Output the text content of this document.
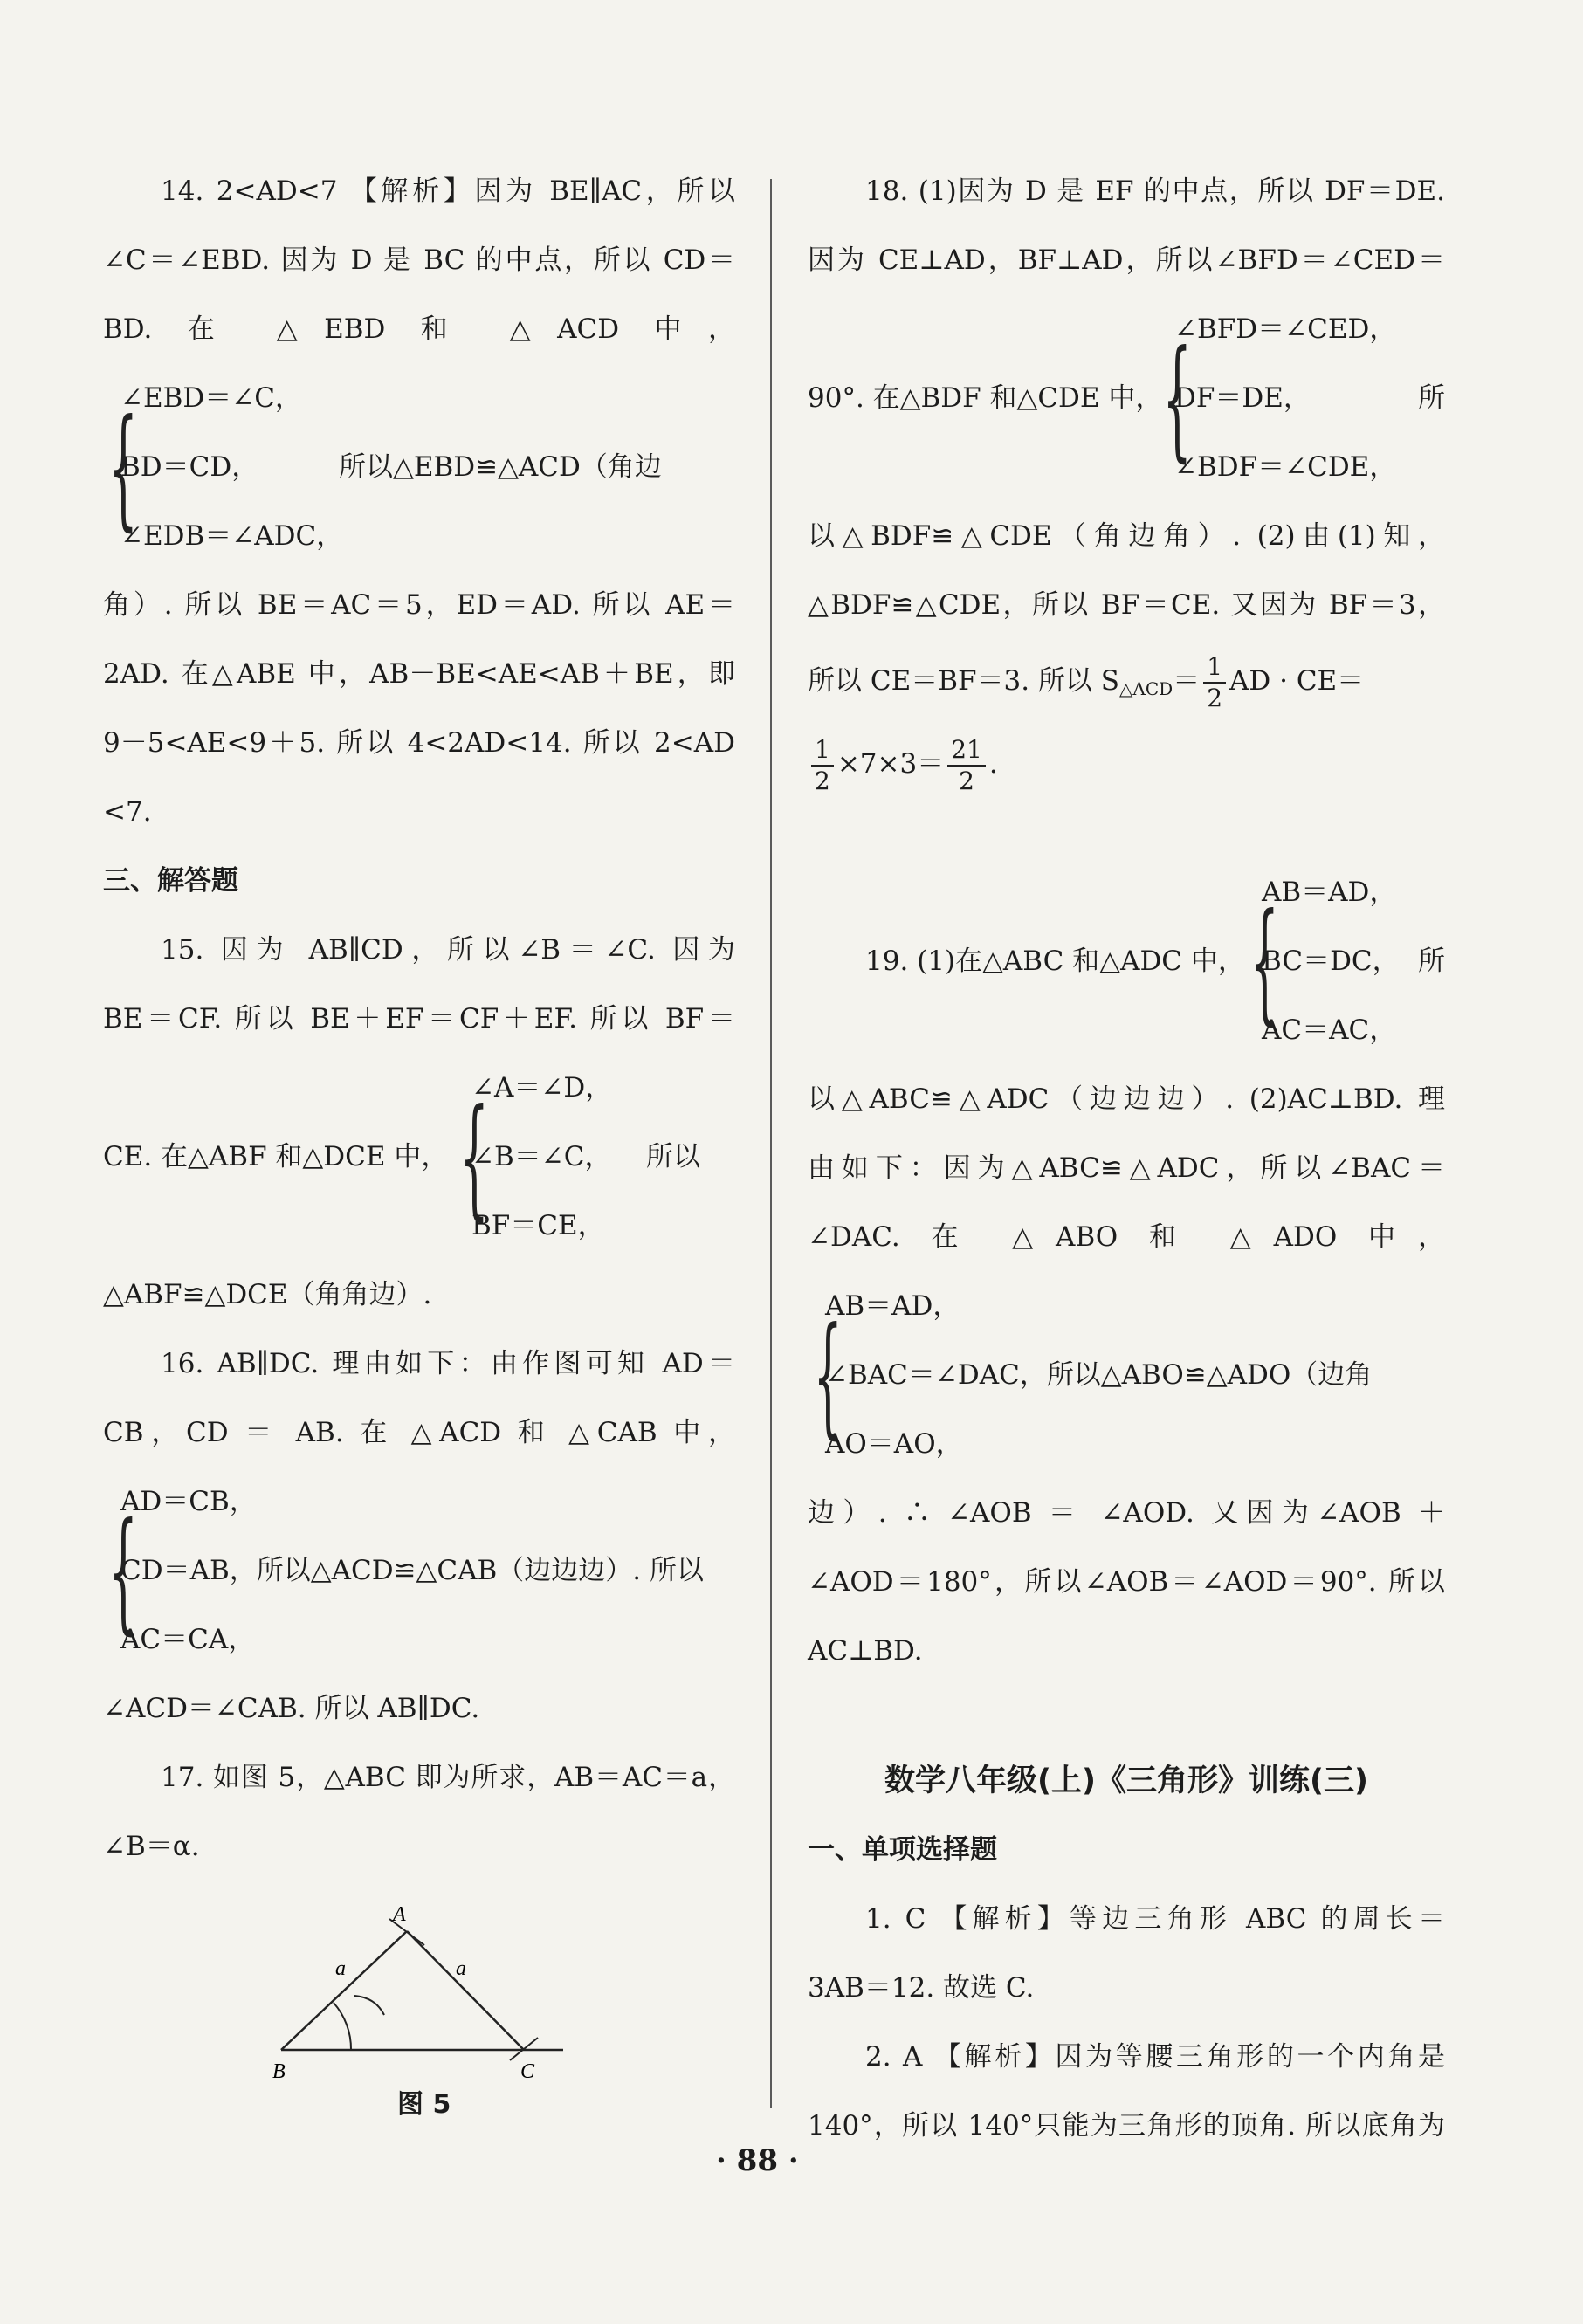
14. 2<AD<7 【解析】因为 BE∥AC，所以
∠C＝∠EBD. 因为 D 是 BC 的中点，所以 CD＝
BD. 在 △EBD 和 △ACD 中，
{
∠EBD＝∠C，
BD＝CD，
∠EDB＝∠ADC，
所以△EBD≌△ACD（角边
角）. 所以 BE＝AC＝5，ED＝AD. 所以 AE＝
2AD. 在△ABE 中，AB－BE<AE<AB＋BE，即
9－5<AE<9＋5. 所以 4<2AD<14. 所以 2<AD
<7.
三、解答题
15. 因为 AB∥CD，所以∠B＝∠C. 因为
BE＝CF. 所以 BE＋EF＝CF＋EF. 所以 BF＝
CE. 在△ABF 和△DCE 中， {
∠A＝∠D，
∠B＝∠C，
BF＝CE，
所以
△ABF≌△DCE（角角边）.
16. AB∥DC. 理由如下：由作图可知 AD＝
CB，CD ＝ AB. 在 △ACD 和 △CAB 中，
{
AD＝CB，
CD＝AB，所以△ACD≌△CAB（边边边）. 所以
AC＝CA，
∠ACD＝∠CAB. 所以 AB∥DC.
17. 如图 5，△ABC 即为所求，AB＝AC＝a，
∠B＝α.
A
B	C
a	a
图 5
18. (1)因为 D 是 EF 的中点，所以 DF＝DE.
因为 CE⊥AD，BF⊥AD，所以∠BFD＝∠CED＝
90°. 在△BDF 和△CDE 中， {
∠BFD＝∠CED，
DF＝DE，
∠BDF＝∠CDE，
所
以△BDF≌△CDE（角边角）. (2)由(1)知，
△BDF≌△CDE，所以 BF＝CE. 又因为 BF＝3，
所以 CE＝BF＝3. 所以 $S_{\triangle ACD}= \frac{1}{2}$ AD · CE＝
$\frac{1}{2} \times 7\times 3= \frac{21}{2}$ .
19. (1)在△ABC 和△ADC 中， {
AB＝AD，
BC＝DC，
AC＝AC，
所
以△ABC≌△ADC（边边边）. (2)AC⊥BD. 理
由如下：因为△ABC≌△ADC，所以∠BAC＝
∠DAC. 在 △ABO 和 △ADO 中，
{
AB＝AD，
∠BAC＝∠DAC，所以△ABO≌△ADO（边角
AO＝AO，
边）. ∴ ∠AOB ＝ ∠AOD. 又因为∠AOB ＋
∠AOD＝180°，所以∠AOB＝∠AOD＝90°. 所以
AC⊥BD.
数学八年级(上)《三角形》训练(三)
一、单项选择题
1. C 【解析】等边三角形 ABC 的周长＝
3AB＝12. 故选 C.
2. A 【解析】因为等腰三角形的一个内角是
140°，所以 140°只能为三角形的顶角. 所以底角为
· 88 ·
